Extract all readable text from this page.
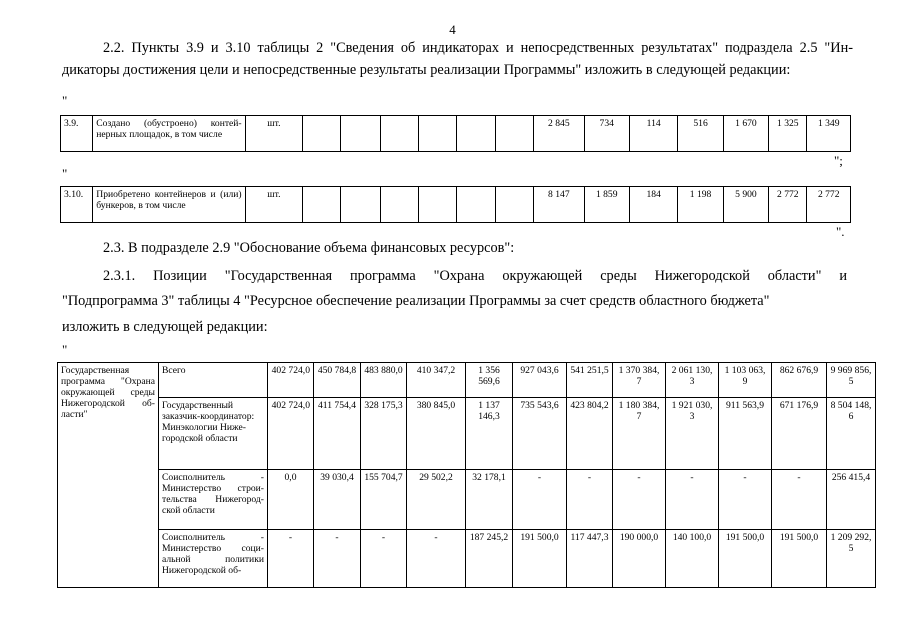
4
2.2. Пункты 3.9 и 3.10 таблицы 2 "Сведения об индикаторах и непосредственных результатах" подраздела 2.5 "Ин-
дикаторы достижения цели и непосредственные результаты реализации Программы" изложить в следующей редакции:
"
3.9.	Создано (обустроено) контей-нерных площадок, в том числе	шт.							2 845	734	114	516	1 670	1 325	1 349
";
"
3.10.	Приобретено контейнеров и (или) бункеров, в том числе	шт.							8 147	1 859	184	1 198	5 900	2 772	2 772
".
2.3. В подразделе 2.9 "Обоснование объема финансовых ресурсов":
2.3.1. Позиции "Государственная программа "Охрана окружающей среды Нижегородской области" и
"Подпрограмма 3" таблицы 4 "Ресурсное обеспечение реализации Программы за счет средств областного бюджета"
изложить в следующей редакции:
"
Государственная программа "Охрана окружающей среды Нижегородской об-ласти"	Всего	402 724,0	450 784,8	483 880,0	410 347,2	1 356 569,6	927 043,6	541 251,5	1 370 384, 7	2 061 130, 3	1 103 063, 9	862 676,9	9 969 856, 5
	Государственный заказчик-координатор: Минэкологии Ниже-городской области	402 724,0	411 754,4	328 175,3	380 845,0	1 137 146,3	735 543,6	423 804,2	1 180 384, 7	1 921 030, 3	911 563,9	671 176,9	8 504 148, 6
	Соисполнитель - Министерство строи-тельства Нижегород-ской области	0,0	39 030,4	155 704,7	29 502,2	32 178,1	-	-	-	-	-	-	256 415,4
	Соисполнитель - Министерство соци-альной политики Нижегородской об-	-	-	-	-	187 245,2	191 500,0	117 447,3	190 000,0	140 100,0	191 500,0	191 500,0	1 209 292, 5
